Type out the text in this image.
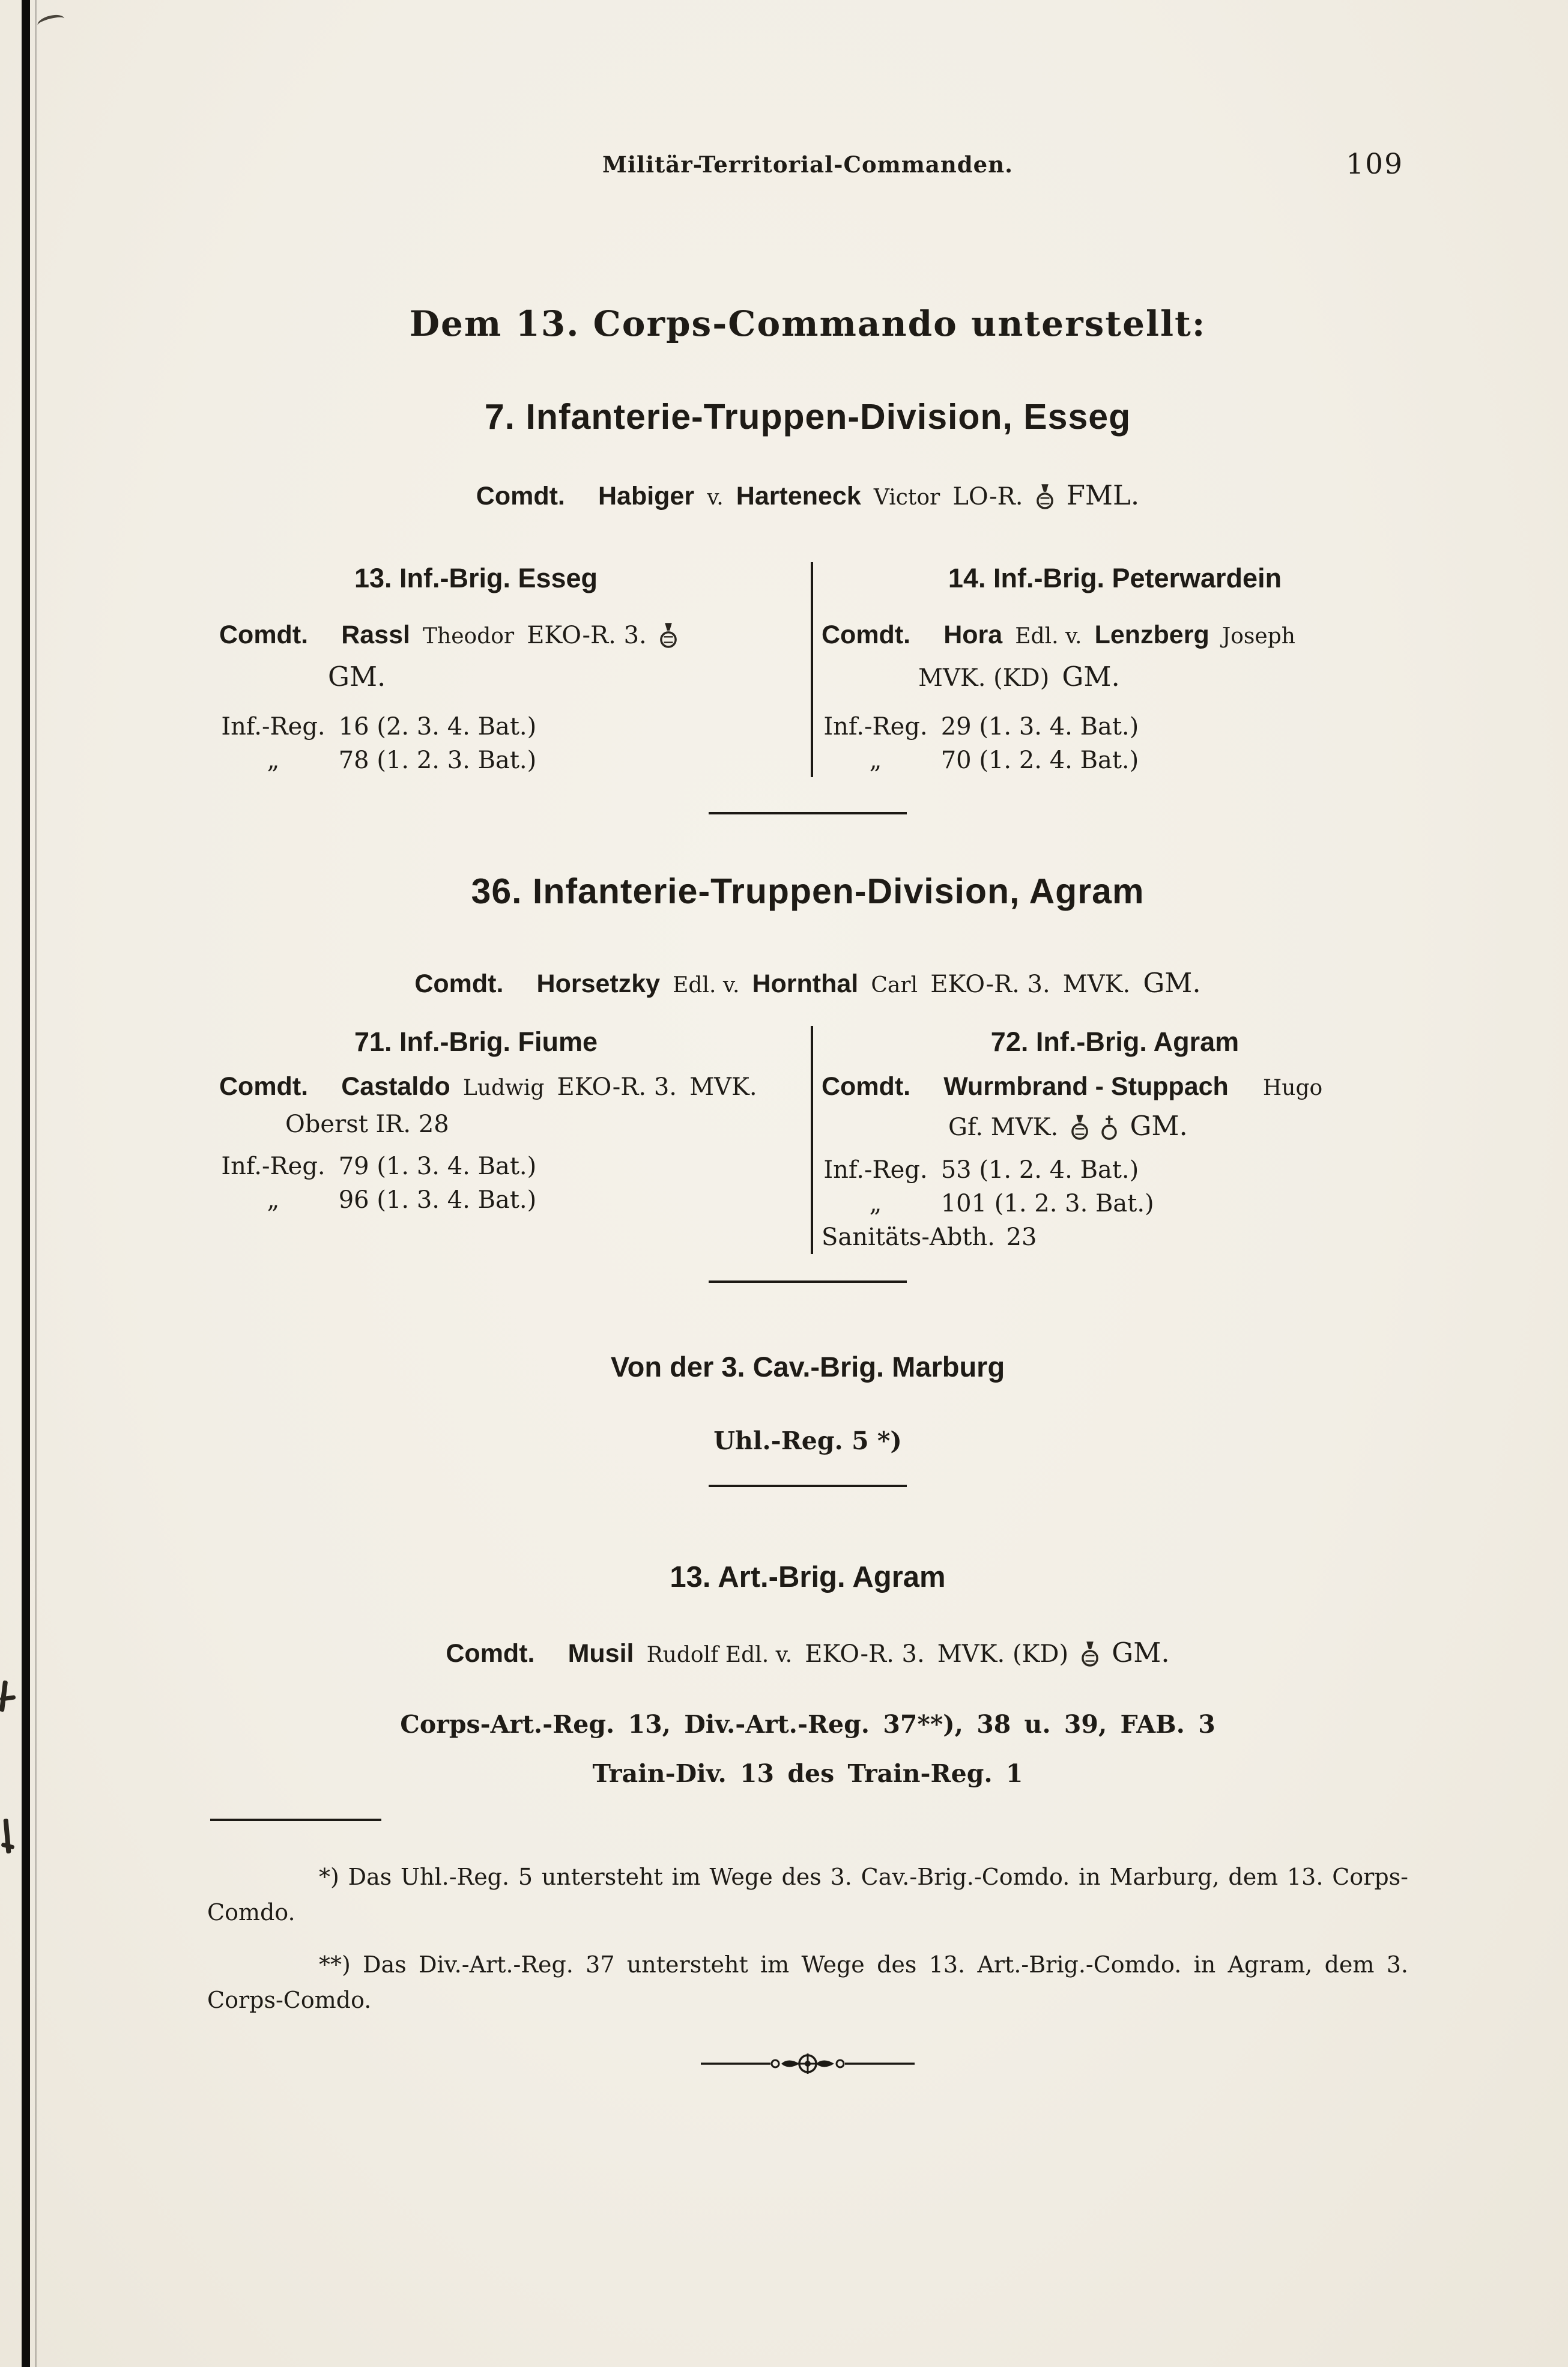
Militär-Territorial-Commanden.	109
Dem 13. Corps-Commando unterstellt:
7. Infanterie-Truppen-Division, Esseg
Comdt. Habiger v. Harteneck Victor LO-R. FML.
13. Inf.-Brig. Esseg
Comdt. Rassl Theodor EKO-R. 3.
GM.
Inf.-Reg. 16 (2. 3. 4. Bat.)
„ 78 (1. 2. 3. Bat.)
14. Inf.-Brig. Peterwardein
Comdt. Hora Edl. v. Lenzberg Joseph
MVK. (KD) GM.
Inf.-Reg. 29 (1. 3. 4. Bat.)
„ 70 (1. 2. 4. Bat.)
36. Infanterie-Truppen-Division, Agram
Comdt. Horsetzky Edl. v. Hornthal Carl EKO-R. 3. MVK. GM.
71. Inf.-Brig. Fiume
Comdt. Castaldo Ludwig EKO-R. 3. MVK.
Oberst IR. 28
Inf.-Reg. 79 (1. 3. 4. Bat.)
„ 96 (1. 3. 4. Bat.)
72. Inf.-Brig. Agram
Comdt. Wurmbrand - Stuppach Hugo
Gf. MVK.	GM.
Inf.-Reg. 53 (1. 2. 4. Bat.)
„ 101 (1. 2. 3. Bat.)
Sanitäts-Abth. 23
Von der 3. Cav.-Brig. Marburg
Uhl.-Reg. 5 *)
13. Art.-Brig. Agram
Comdt. Musil Rudolf Edl. v. EKO-R. 3. MVK. (KD) GM.
Corps-Art.-Reg. 13, Div.-Art.-Reg. 37**), 38 u. 39, FAB. 3
Train-Div. 13 des Train-Reg. 1

*) Das Uhl.-Reg. 5 untersteht im Wege des 3. Cav.-Brig.-Comdo. in Marburg, dem 13. Corps-Comdo.

**) Das Div.-Art.-Reg. 37 untersteht im Wege des 13. Art.-Brig.-Comdo. in Agram, dem 3. Corps-Comdo.
